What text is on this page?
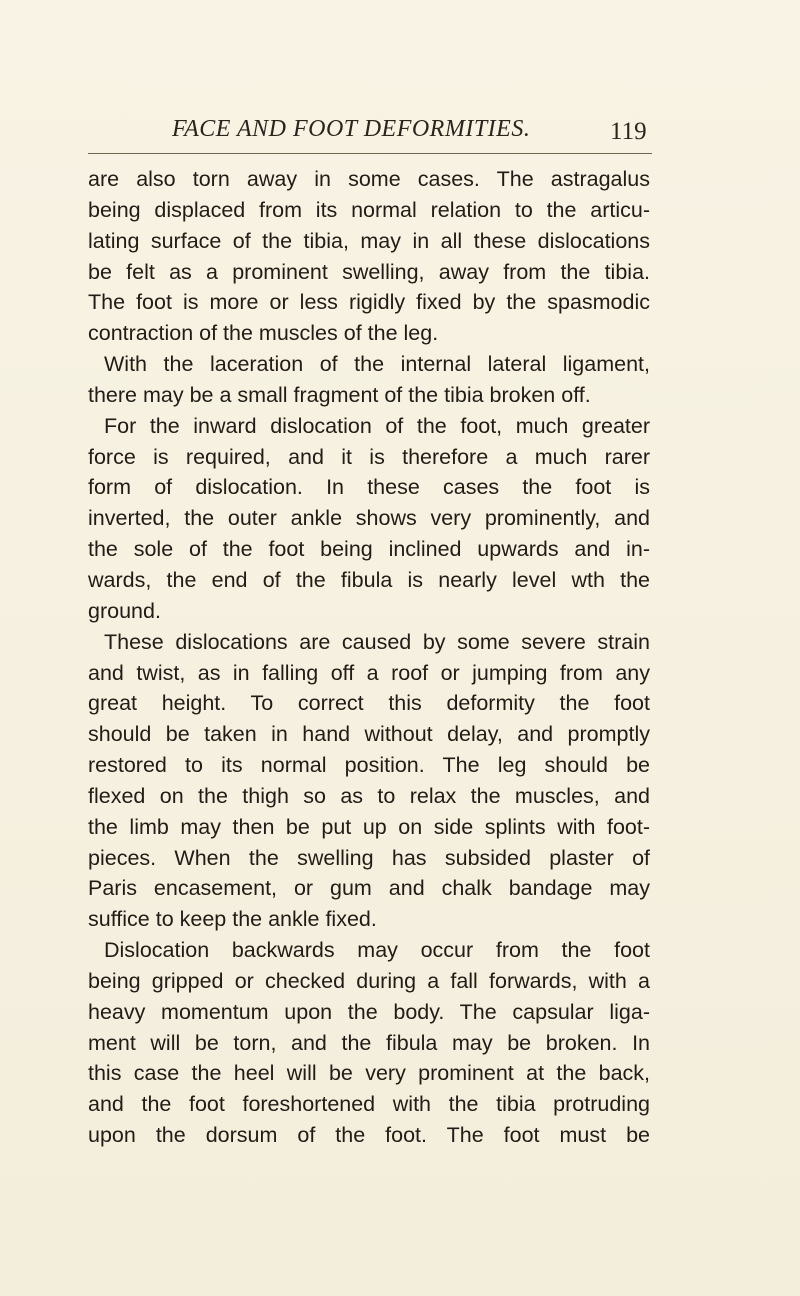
FACE AND FOOT DEFORMITIES.	119
are also torn away in some cases. The astragalus
being displaced from its normal relation to the articu-
lating surface of the tibia, may in all these dislocations
be felt as a prominent swelling, away from the tibia.
The foot is more or less rigidly fixed by the spasmodic
contraction of the muscles of the leg.
With the laceration of the internal lateral ligament,
there may be a small fragment of the tibia broken off.
For the inward dislocation of the foot, much greater
force is required, and it is therefore a much rarer
form of dislocation. In these cases the foot is
inverted, the outer ankle shows very prominently, and
the sole of the foot being inclined upwards and in-
wards, the end of the fibula is nearly level wth the
ground.
These dislocations are caused by some severe strain
and twist, as in falling off a roof or jumping from any
great height. To correct this deformity the foot
should be taken in hand without delay, and promptly
restored to its normal position. The leg should be
flexed on the thigh so as to relax the muscles, and
the limb may then be put up on side splints with foot-
pieces. When the swelling has subsided plaster of
Paris encasement, or gum and chalk bandage may
suffice to keep the ankle fixed.
Dislocation backwards may occur from the foot
being gripped or checked during a fall forwards, with a
heavy momentum upon the body. The capsular liga-
ment will be torn, and the fibula may be broken. In
this case the heel will be very prominent at the back,
and the foot foreshortened with the tibia protruding
upon the dorsum of the foot. The foot must be
